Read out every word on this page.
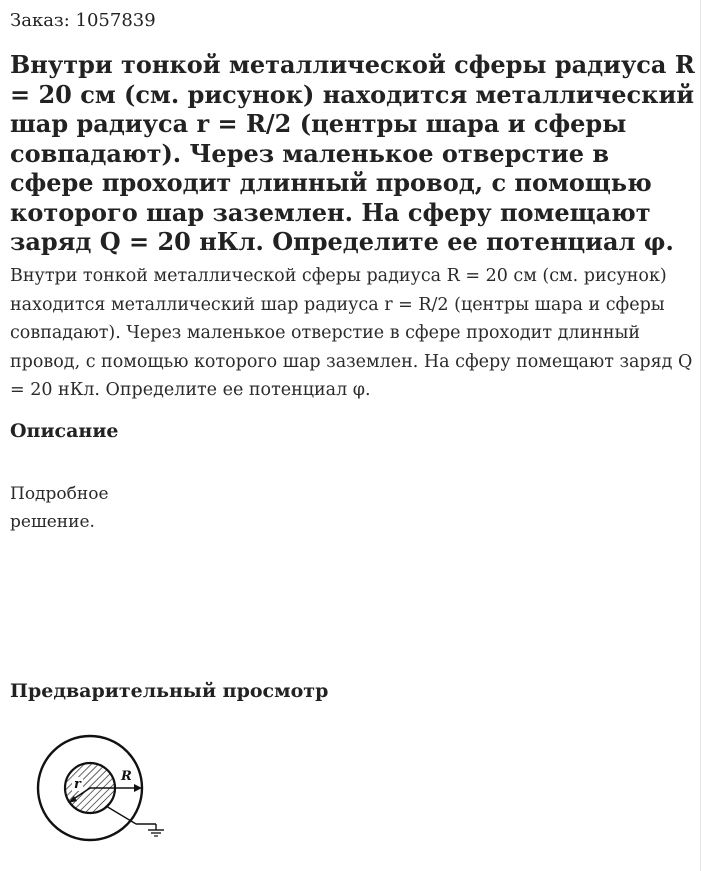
Заказ: 1057839
Внутри тонкой металлической сферы радиуса R = 20 см (см. рисунок) находится металлический шар радиуса r = R/2 (центры шара и сферы совпадают). Через маленькое отверстие в сфере проходит длинный провод, с помощью которого шар заземлен. На сферу помещают заряд Q = 20 нКл. Определите ее потенциал φ.

Внутри тонкой металлической сферы радиуса R = 20 см (см. рисунок) находится металлический шар радиуса r = R/2 (центры шара и сферы совпадают). Через маленькое отверстие в сфере проходит длинный провод, с помощью которого шар заземлен. На сферу помещают заряд Q = 20 нКл. Определите ее потенциал φ.

Описание
Подробное
решение.
Предварительный просмотр
r
R
